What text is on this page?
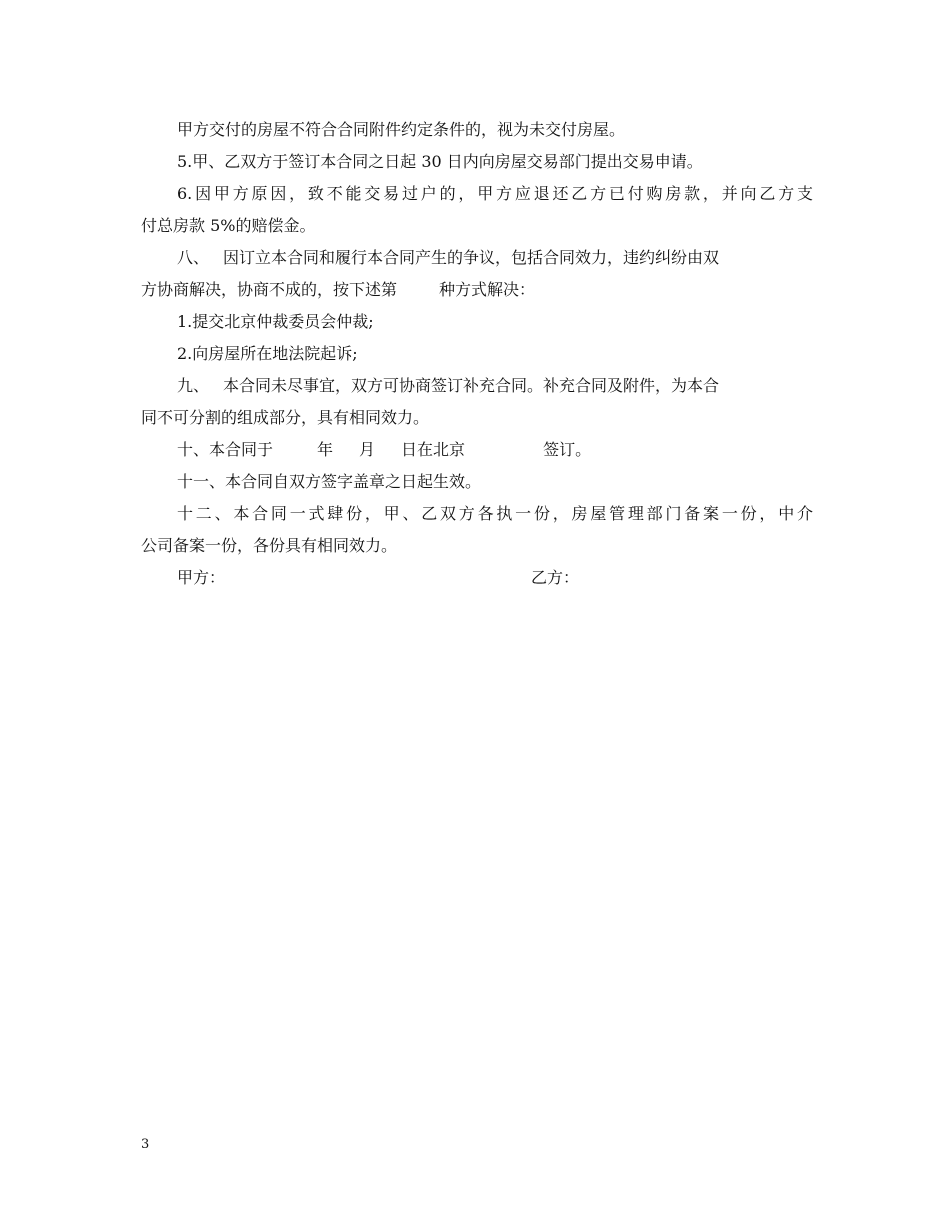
甲方交付的房屋不符合合同附件约定条件的，视为未交付房屋。
5.甲、乙双方于签订本合同之日起 30 日内向房屋交易部门提出交易申请。
6.因甲方原因，致不能交易过户的，甲方应退还乙方已付购房款，并向乙方支
付总房款 5%的赔偿金。
八、 因订立本合同和履行本合同产生的争议，包括合同效力，违约纠纷由双
方协商解决，协商不成的，按下述第	种方式解决：
1.提交北京仲裁委员会仲裁;
2.向房屋所在地法院起诉;
九、 本合同未尽事宜，双方可协商签订补充合同。补充合同及附件，为本合
同不可分割的组成部分，具有相同效力。
十、本合同于	年 月 日在北京	签订。
十一、本合同自双方签字盖章之日起生效。
十二、本合同一式肆份，甲、乙双方各执一份，房屋管理部门备案一份，中介
公司备案一份，各份具有相同效力。
甲方：	乙方：
3
